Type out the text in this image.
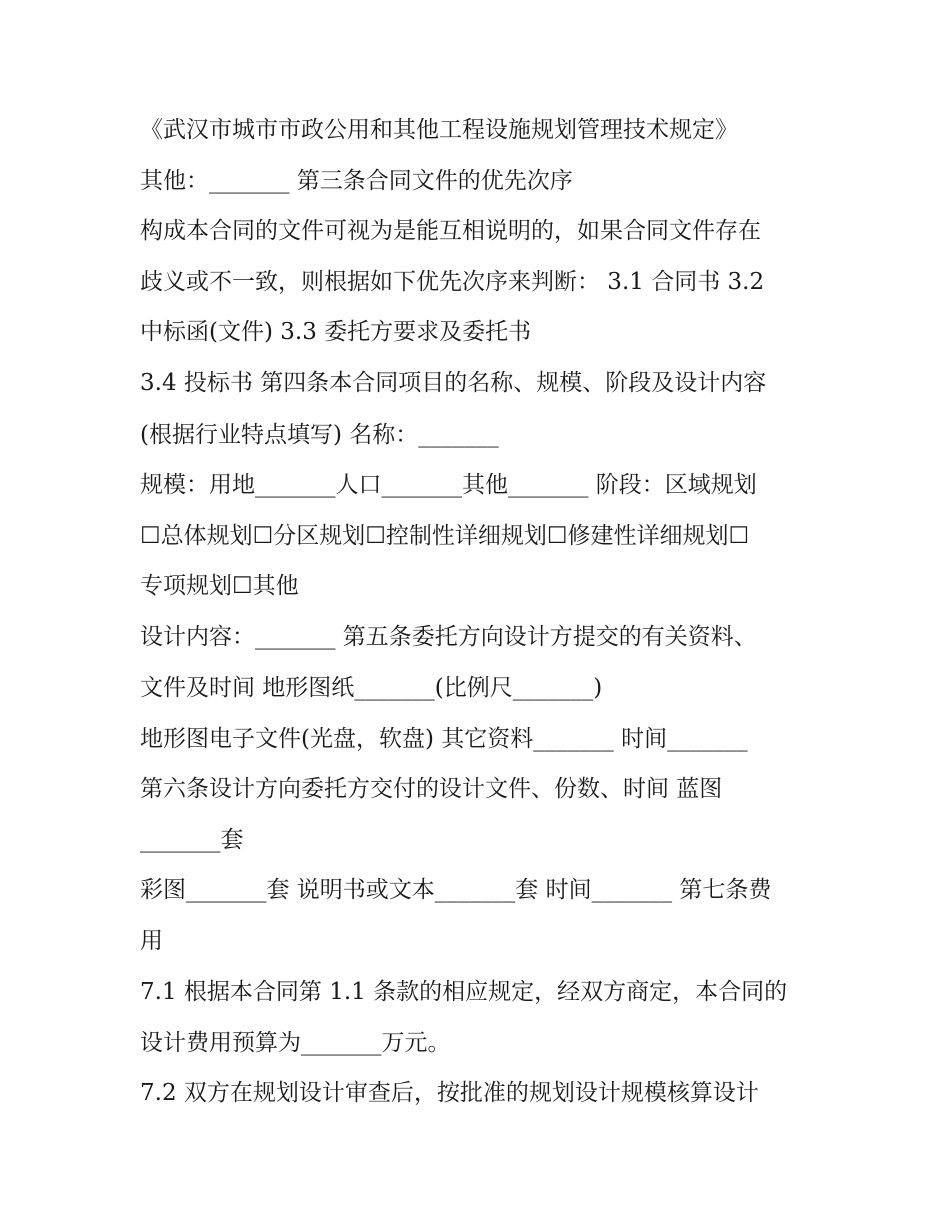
《武汉市城市市政公用和其他工程设施规划管理技术规定》
其他：_______ 第三条合同文件的优先次序
构成本合同的文件可视为是能互相说明的，如果合同文件存在
歧义或不一致，则根据如下优先次序来判断： 3.1 合同书 3.2
中标函(文件) 3.3 委托方要求及委托书
3.4 投标书 第四条本合同项目的名称、规模、阶段及设计内容
(根据行业特点填写) 名称：_______
规模：用地_______人口_______其他_______ 阶段：区域规划
☐总体规划☐分区规划☐控制性详细规划☐修建性详细规划☐
专项规划☐其他
设计内容：_______ 第五条委托方向设计方提交的有关资料、
文件及时间 地形图纸_______(比例尺_______)
地形图电子文件(光盘，软盘) 其它资料_______ 时间_______
第六条设计方向委托方交付的设计文件、份数、时间 蓝图
_______套
彩图_______套 说明书或文本_______套 时间_______ 第七条费
用
7.1 根据本合同第 1.1 条款的相应规定，经双方商定，本合同的
设计费用预算为_______万元。
7.2 双方在规划设计审查后，按批准的规划设计规模核算设计
